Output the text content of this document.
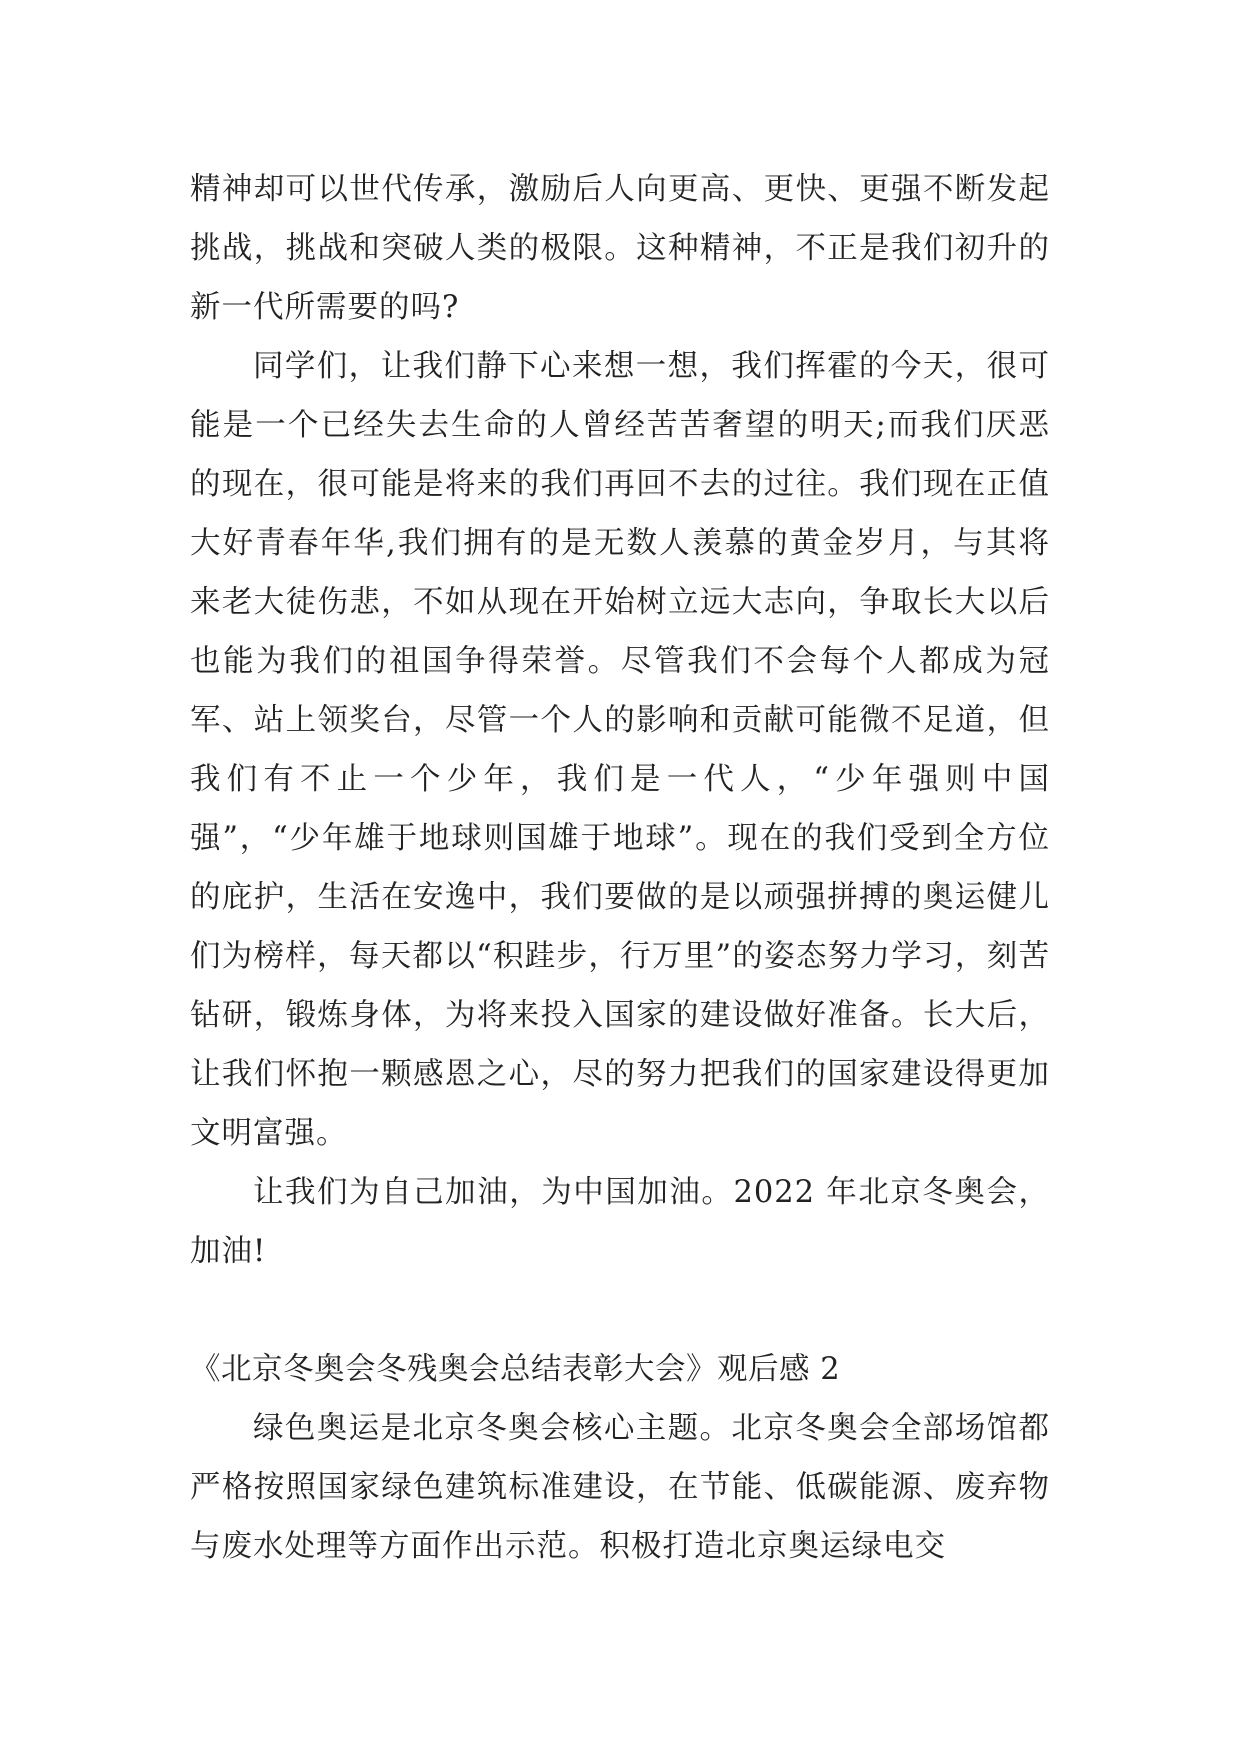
精神却可以世代传承，激励后人向更高、更快、更强不断发起挑战，挑战和突破人类的极限。这种精神，不正是我们初升的新一代所需要的吗?

同学们，让我们静下心来想一想，我们挥霍的今天，很可能是一个已经失去生命的人曾经苦苦奢望的明天;而我们厌恶的现在，很可能是将来的我们再回不去的过往。我们现在正值大好青春年华,我们拥有的是无数人羡慕的黄金岁月，与其将来老大徒伤悲，不如从现在开始树立远大志向，争取长大以后也能为我们的祖国争得荣誉。尽管我们不会每个人都成为冠军、站上领奖台，尽管一个人的影响和贡献可能微不足道，但我们有不止一个少年，我们是一代人，“少年强则中国强”，“少年雄于地球则国雄于地球”。现在的我们受到全方位的庇护，生活在安逸中，我们要做的是以顽强拼搏的奥运健儿们为榜样，每天都以“积跬步，行万里”的姿态努力学习，刻苦钻研，锻炼身体，为将来投入国家的建设做好准备。长大后，让我们怀抱一颗感恩之心，尽的努力把我们的国家建设得更加文明富强。

让我们为自己加油，为中国加油。2022 年北京冬奥会，加油!

《北京冬奥会冬残奥会总结表彰大会》观后感 2

绿色奥运是北京冬奥会核心主题。北京冬奥会全部场馆都严格按照国家绿色建筑标准建设，在节能、低碳能源、废弃物与废水处理等方面作出示范。积极打造北京奥运绿电交
